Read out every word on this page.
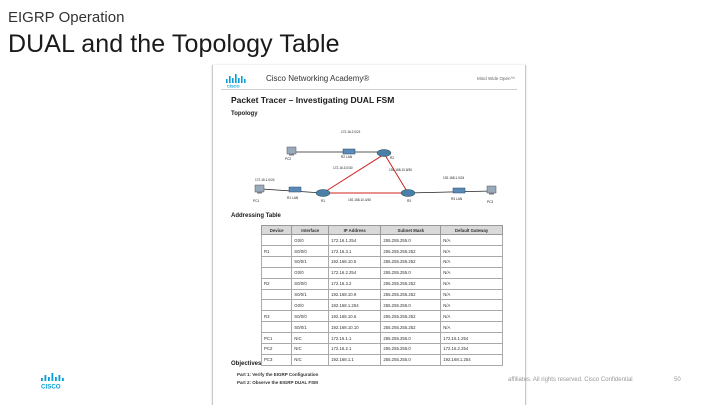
EIGRP Operation
DUAL and the Topology Table
CISCO
Cisco Networking Academy®	Mind Wide Open™
Packet Tracer – Investigating DUAL FSM
Topology
PC2	R2 LAN	R2
PC1
R1 LAN
R1	R3	R3 LAN
PC3
172.16.2.0/21
172.16.3.0/30	192.168.10.8/30
172.16.1.0/24
192.168.10.4/30
192.168.1.0/24
Addressing Table
Device	Interface	IP Address	Subnet Mask	Default Gateway
	G0/0	172.16.1.254	255.255.255.0	N/A
R1	S0/0/0	172.16.3.1	255.255.255.252	N/A
	S0/0/1	192.168.10.5	255.255.255.252	N/A
	G0/0	172.16.2.254	255.255.255.0	N/A
R2	S0/0/0	172.16.3.2	255.255.255.252	N/A
	S0/0/1	192.168.10.9	255.255.255.252	N/A
	G0/0	192.168.1.254	255.255.255.0	N/A
R3	S0/0/0	192.168.10.6	255.255.255.252	N/A
	S0/0/1	192.168.10.10	255.255.255.252	N/A
PC1	NIC	172.16.1.1	255.255.255.0	172.16.1.254
PC2	NIC	172.16.2.1	255.255.255.0	172.16.2.254
PC3	NIC	192.168.1.1	255.255.255.0	192.168.1.254
Objectives
Part 1: Verify the EIGRP Configuration
Part 2: Observe the EIGRP DUAL FSM
CISCO
affiliates. All rights reserved. Cisco Confidential	50
